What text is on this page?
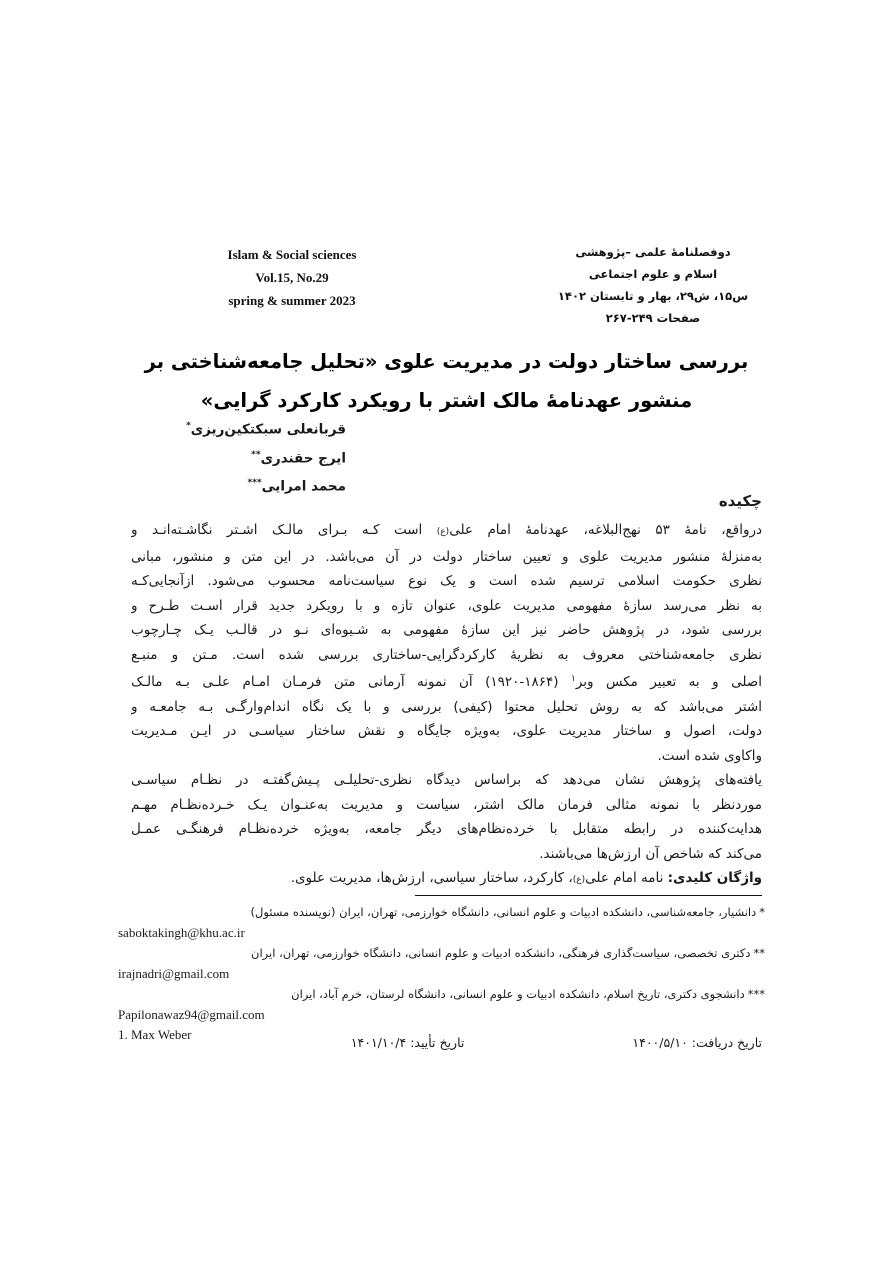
Islam & Social sciences
Vol.15, No.29
spring & summer 2023
دوفصلنامهٔ علمی –پژوهشی
اسلام و علوم اجتماعی
س۱۵، ش۲۹، بهار و تابستان ۱۴۰۲
صفحات ۲۴۹-۲۶۷
بررسی ساختار دولت در مدیریت علوی «تحلیل جامعه‌شناختی بر
منشور عهدنامهٔ مالک اشتر با رویکرد کارکرد گرایی»
قربانعلی سبکتکین‌ریزی*
ایرج حقندری**
محمد امرایی***
چکیده
درواقع، نامهٔ ۵۳ نهج‌البلاغه، عهدنامهٔ امام علی(ع) است کـه بـرای مالـک اشـتر نگاشـته‌انـد و
به‌منزلهٔ منشور مدیریت علوی و تعیین ساختار دولت در آن می‌باشد. در این متن و منشور، مبانی
نظری حکومت اسلامی ترسیم شده است و یک نوع سیاست‌نامه محسوب می‌شود. ازآنجایی‌کـه
به نظر می‌رسد سازهٔ مفهومی مدیریت علوی، عنوان تازه و با رویکرد جدید قرار اسـت طـرح و
بررسی شود، در پژوهش حاضر نیز این سازهٔ مفهومی به شـیوه‌ای نـو در قالـب یـک چـارچوب
نظری جامعه‌شناختی معروف به نظریهٔ کارکردگرایی-ساختاری بررسی شده است. مـتن و منبـع
اصلی و به تعبیر مکس وبر$^۱$ (۱۸۶۴-۱۹۲۰) آن نمونه آرمانی متن فرمـان امـام علـی بـه مالـک
اشتر می‌باشد که به روش تحلیل محتوا (کیفی) بررسی و با یک نگاه اندام‌وارگـی بـه جامعـه و
دولت، اصول و ساختار مدیریت علوی، به‌ویژه جایگاه و نقش ساختار سیاسـی در ایـن مـدیریت
واکاوی شده است.
یافته‌های پژوهش نشان می‌دهد که براساس دیدگاه نظری-تحلیلـی پـیش‌گفتـه در نظـام سیاسـی
موردنظر با نمونه مثالی فرمان مالک اشتر، سیاست و مدیریت به‌عنـوان یـک خـرده‌نظـام مهـم
هدایت‌کننده در رابطه متقابل با خرده‌نظام‌های دیگر جامعه، به‌ویژه خرده‌نظـام فرهنگـی عمـل
می‌کند که شاخص آن ارزش‌ها می‌باشند.
واژگان کلیدی: نامه امام علی(ع)، کارکرد، ساختار سیاسی، ارزش‌ها، مدیریت علوی.
*دانشیار، جامعه‌شناسی، دانشکده ادبیات و علوم انسانی، دانشگاه خوارزمی، تهران، ایران (نویسنده مسئول)
saboktakingh@khu.ac.ir
**دکتری تخصصی، سیاست‌گذاری فرهنگی، دانشکده ادبیات و علوم انسانی، دانشگاه خوارزمی، تهران، ایران
irajnadri@gmail.com
***دانشجوی دکتری، تاریخ اسلام، دانشکده ادبیات و علوم انسانی، دانشگاه لرستان، خرم آباد، ایران
Papilonawaz94@gmail.com
1. Max Weber
تاریخ دریافت: ۱۴۰۰/۵/۱۰
تاریخ تأیید: ۱۴۰۱/۱۰/۴
